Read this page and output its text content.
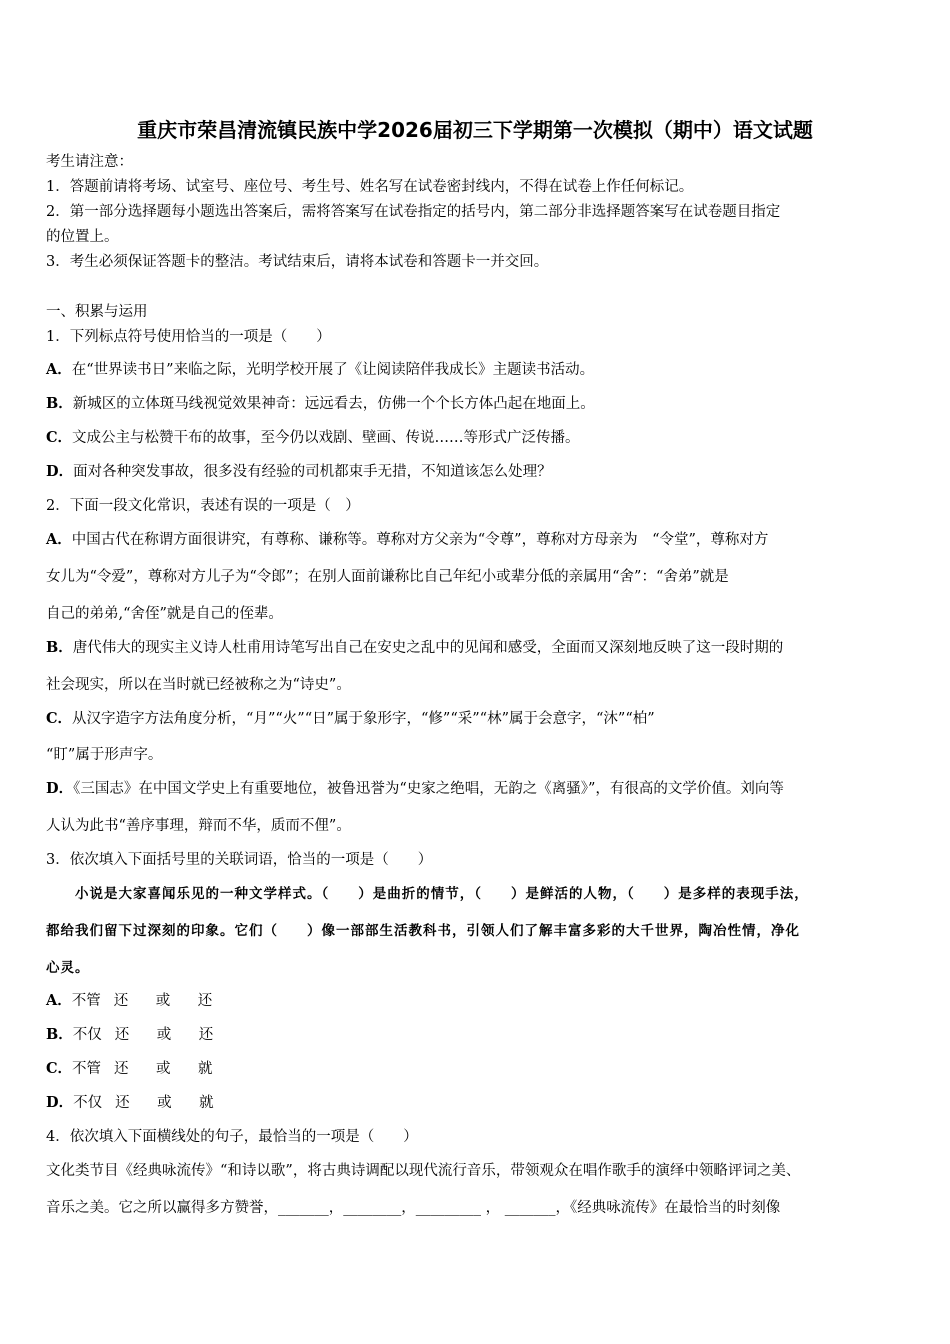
重庆市荣昌清流镇民族中学2026届初三下学期第一次模拟（期中）语文试题
考生请注意：
1．答题前请将考场、试室号、座位号、考生号、姓名写在试卷密封线内，不得在试卷上作任何标记。
2．第一部分选择题每小题选出答案后，需将答案写在试卷指定的括号内，第二部分非选择题答案写在试卷题目指定
的位置上。
3．考生必须保证答题卡的整洁。考试结束后，请将本试卷和答题卡一并交回。
一、积累与运用
1．下列标点符号使用恰当的一项是（　　）
A．在“世界读书日”来临之际，光明学校开展了《让阅读陪伴我成长》主题读书活动。
B．新城区的立体斑马线视觉效果神奇：远远看去，仿佛一个个长方体凸起在地面上。
C．文成公主与松赞干布的故事，至今仍以戏剧、壁画、传说……等形式广泛传播。
D．面对各种突发事故，很多没有经验的司机都束手无措，不知道该怎么处理？
2．下面一段文化常识，表述有误的一项是（　）
A．中国古代在称谓方面很讲究，有尊称、谦称等。尊称对方父亲为“令尊”，尊称对方母亲为　“令堂”，尊称对方
女儿为“令爱”，尊称对方儿子为“令郎”；在别人面前谦称比自己年纪小或辈分低的亲属用“舍”：“舍弟”就是
自己的弟弟,“舍侄”就是自己的侄辈。
B．唐代伟大的现实主义诗人杜甫用诗笔写出自己在安史之乱中的见闻和感受，全面而又深刻地反映了这一段时期的
社会现实，所以在当时就已经被称之为“诗史”。
C．从汉字造字方法角度分析，“月”“火”“日”属于象形字，“修”“采”“林”属于会意字，“沐”“柏”
“盯”属于形声字。
D．《三国志》在中国文学史上有重要地位，被鲁迅誉为“史家之绝唱，无韵之《离骚》”，有很高的文学价值。刘向等
人认为此书“善序事理，辩而不华，质而不俚”。
3．依次填入下面括号里的关联词语，恰当的一项是（　　）
　　小说是大家喜闻乐见的一种文学样式。（　　）是曲折的情节，（　　）是鲜活的人物，（　　）是多样的表现手法，
都给我们留下过深刻的印象。它们（　　）像一部部生活教科书，引领人们了解丰富多彩的大千世界，陶冶性情，净化
心灵。
A．不管 还 或 还
B．不仅 还 或 还
C．不管 还 或 就
D．不仅 还 或 就
4．依次填入下面横线处的句子，最恰当的一项是（　　）
文化类节目《经典咏流传》“和诗以歌”，将古典诗调配以现代流行音乐，带领观众在唱作歌手的演绎中领略评词之美、
音乐之美。它之所以赢得多方赞誉，_______，________，_________ ， _______，《经典咏流传》在最恰当的时刻像
